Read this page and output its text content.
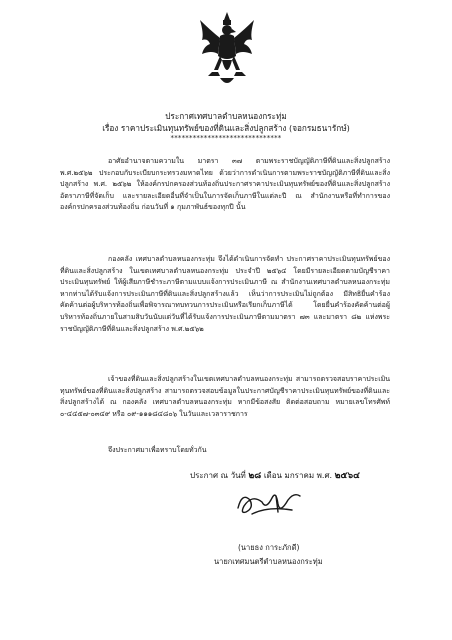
ประกาศเทศบาลตำบลหนองกระทุ่ม
เรื่อง ราคาประเมินทุนทรัพย์ของที่ดินและสิ่งปลูกสร้าง (จอกรมธนารักษ์)
******************************
อาศัยอำนาจตามความใน มาตรา ๓๗ ตามพระราชบัญญัติภาษีที่ดินและสิ่งปลูกสร้าง พ.ศ.๒๕๖๒ ประกอบกับระเบียบกระทรวงมหาดไทย ด้วยว่าการดำเนินการตามพระราชบัญญัติภาษีที่ดินและสิ่งปลูกสร้าง พ.ศ. ๒๕๖๒ ให้องค์กรปกครองส่วนท้องถิ่นประกาศราคาประเมินทุนทรัพย์ของที่ดินและสิ่งปลูกสร้าง อัตราภาษีที่จัดเก็บ และรายละเอียดอื่นที่จำเป็นในการจัดเก็บภาษีในแต่ละปี ณ สำนักงานหรือที่ทำการขององค์กรปกครองส่วนท้องถิ่น ก่อนวันที่ ๑ กุมภาพันธ์ของทุกปี นั้น
กองคลัง เทศบาลตำบลหนองกระทุ่ม จึงได้ดำเนินการจัดทำ ประกาศราคาประเมินทุนทรัพย์ของที่ดินและสิ่งปลูกสร้าง ในเขตเทศบาลตำบลหนองกระทุ่ม ประจำปี ๒๕๖๔ โดยมีรายละเอียดตามบัญชีราคาประเมินทุนทรัพย์ ให้ผู้เสียภาษีชำระภาษีตามแบบแจ้งการประเมินภาษี ณ สำนักงานเทศบาลตำบลหนองกระทุ่ม หากท่านได้รับแจ้งการประเมินภาษีที่ดินและสิ่งปลูกสร้างแล้ว เห็นว่าการประเมินไม่ถูกต้อง มีสิทธิยื่นคำร้องคัดค้านต่อผู้บริหารท้องถิ่นเพื่อพิจารณาทบทวนการประเมินหรือเรียกเก็บภาษีได้ โดยยื่นคำร้องคัดค้านต่อผู้บริหารท้องถิ่นภายในสามสิบวันนับแต่วันที่ได้รับแจ้งการประเมินภาษีตามมาตรา ๗๓ และมาตรา ๘๒ แห่งพระราชบัญญัติภาษีที่ดินและสิ่งปลูกสร้าง พ.ศ.๒๕๖๒
เจ้าของที่ดินและสิ่งปลูกสร้างในเขตเทศบาลตำบลหนองกระทุ่ม สามารถตรวจสอบราคาประเมินทุนทรัพย์ของที่ดินและสิ่งปลูกสร้าง สามารถตรวจสอบข้อมูลในประกาศบัญชีราคาประเมินทุนทรัพย์ของที่ดินและสิ่งปลูกสร้างได้ ณ กองคลัง เทศบาลตำบลหนองกระทุ่ม หากมีข้อสงสัย ติดต่อสอบถาม หมายเลขโทรศัพท์ ๐-๔๔๕๗-๐๓๔๙ หรือ ๐๙-๑๑๑๘๔๘๐๖ ในวันและเวลาราชการ
จึงประกาศมาเพื่อทราบโดยทั่วกัน
ประกาศ ณ วันที่ ๒๘ เดือน มกราคม พ.ศ. ๒๕๖๔
(นายธง การะภักดี)
นายกเทศมนตรีตำบลหนองกระทุ่ม
